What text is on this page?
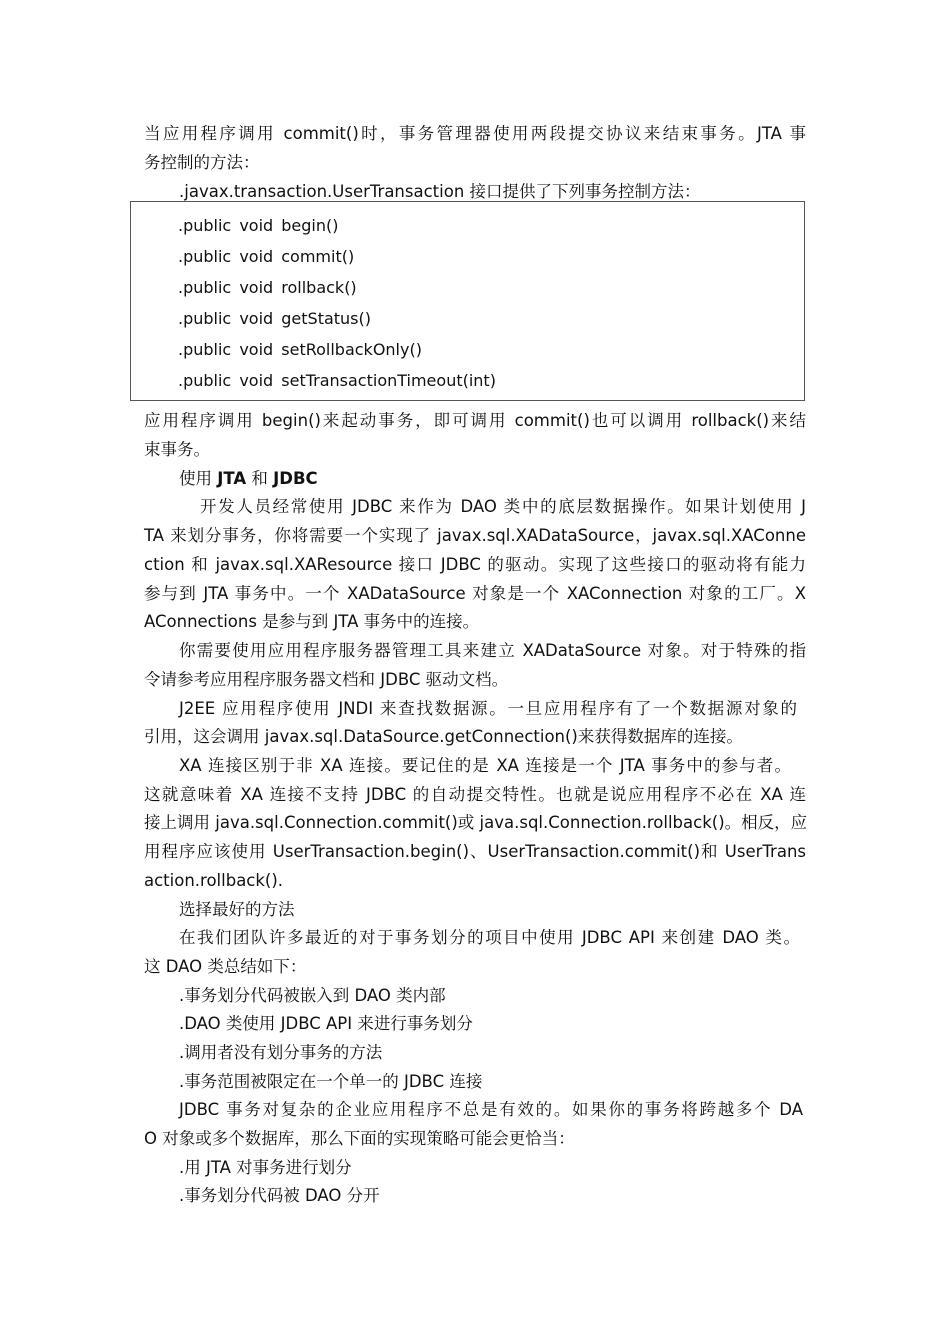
当应用程序调用 commit()时，事务管理器使用两段提交协议来结束事务。JTA 事
务控制的方法：
.javax.transaction.UserTransaction 接口提供了下列事务控制方法：
.public void begin()
.public void commit()
.public void rollback()
.public void getStatus()
.public void setRollbackOnly()
.public void setTransactionTimeout(int)
应用程序调用 begin()来起动事务，即可调用 commit()也可以调用 rollback()来结
束事务。
使用 JTA 和 JDBC
开发人员经常使用 JDBC 来作为 DAO 类中的底层数据操作。如果计划使用 J
TA 来划分事务，你将需要一个实现了 javax.sql.XADataSource，javax.sql.XAConne
ction 和 javax.sql.XAResource 接口 JDBC 的驱动。实现了这些接口的驱动将有能力
参与到 JTA 事务中。一个 XADataSource 对象是一个 XAConnection 对象的工厂。X
AConnections 是参与到 JTA 事务中的连接。
你需要使用应用程序服务器管理工具来建立 XADataSource 对象。对于特殊的指
令请参考应用程序服务器文档和 JDBC 驱动文档。
J2EE 应用程序使用 JNDI 来查找数据源。一旦应用程序有了一个数据源对象的
引用，这会调用 javax.sql.DataSource.getConnection()来获得数据库的连接。
XA 连接区别于非 XA 连接。要记住的是 XA 连接是一个 JTA 事务中的参与者。
这就意味着 XA 连接不支持 JDBC 的自动提交特性。也就是说应用程序不必在 XA 连
接上调用 java.sql.Connection.commit()或 java.sql.Connection.rollback()。相反，应
用程序应该使用 UserTransaction.begin()、UserTransaction.commit()和 UserTrans
action.rollback().
选择最好的方法
在我们团队许多最近的对于事务划分的项目中使用 JDBC API 来创建 DAO 类。
这 DAO 类总结如下：
.事务划分代码被嵌入到 DAO 类内部
.DAO 类使用 JDBC API 来进行事务划分
.调用者没有划分事务的方法
.事务范围被限定在一个单一的 JDBC 连接
JDBC 事务对复杂的企业应用程序不总是有效的。如果你的事务将跨越多个 DA
O 对象或多个数据库，那么下面的实现策略可能会更恰当：
.用 JTA 对事务进行划分
.事务划分代码被 DAO 分开
